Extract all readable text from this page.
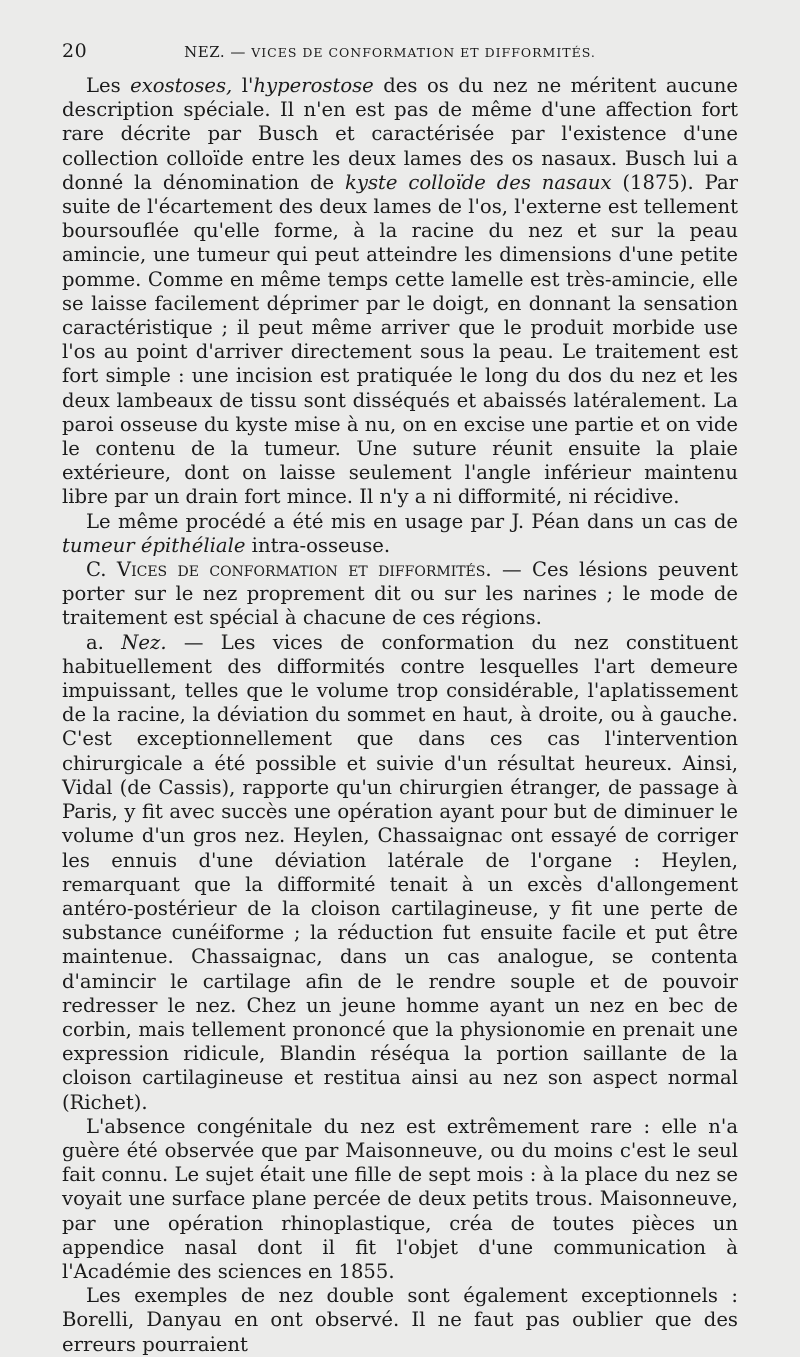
20	NEZ. — VICES DE CONFORMATION ET DIFFORMITÉS.

Les exostoses, l'hyperostose des os du nez ne méritent aucune description spéciale. Il n'en est pas de même d'une affection fort rare décrite par Busch et caractérisée par l'existence d'une collection colloïde entre les deux lames des os nasaux. Busch lui a donné la dénomination de kyste colloïde des nasaux (1875). Par suite de l'écartement des deux lames de l'os, l'externe est tellement boursouflée qu'elle forme, à la racine du nez et sur la peau amincie, une tumeur qui peut atteindre les dimensions d'une petite pomme. Comme en même temps cette lamelle est très-amincie, elle se laisse facilement déprimer par le doigt, en donnant la sensation caractéristique ; il peut même arriver que le produit morbide use l'os au point d'arriver directement sous la peau. Le traitement est fort simple : une incision est pratiquée le long du dos du nez et les deux lambeaux de tissu sont disséqués et abaissés latéralement. La paroi osseuse du kyste mise à nu, on en excise une partie et on vide le contenu de la tumeur. Une suture réunit ensuite la plaie extérieure, dont on laisse seulement l'angle inférieur maintenu libre par un drain fort mince. Il n'y a ni difformité, ni récidive.

Le même procédé a été mis en usage par J. Péan dans un cas de tumeur épithéliale intra-osseuse.

C. Vices de conformation et difformités. — Ces lésions peuvent porter sur le nez proprement dit ou sur les narines ; le mode de traitement est spécial à chacune de ces régions.

a. Nez. — Les vices de conformation du nez constituent habituellement des difformités contre lesquelles l'art demeure impuissant, telles que le volume trop considérable, l'aplatissement de la racine, la déviation du sommet en haut, à droite, ou à gauche. C'est exceptionnellement que dans ces cas l'intervention chirurgicale a été possible et suivie d'un résultat heureux. Ainsi, Vidal (de Cassis), rapporte qu'un chirurgien étranger, de passage à Paris, y fit avec succès une opération ayant pour but de diminuer le volume d'un gros nez. Heylen, Chassaignac ont essayé de corriger les ennuis d'une déviation latérale de l'organe : Heylen, remarquant que la difformité tenait à un excès d'allongement antéro-postérieur de la cloison cartilagineuse, y fit une perte de substance cunéiforme ; la réduction fut ensuite facile et put être maintenue. Chassaignac, dans un cas analogue, se contenta d'amincir le cartilage afin de le rendre souple et de pouvoir redresser le nez. Chez un jeune homme ayant un nez en bec de corbin, mais tellement prononcé que la physionomie en prenait une expression ridicule, Blandin réséqua la portion saillante de la cloison cartilagineuse et restitua ainsi au nez son aspect normal (Richet).

L'absence congénitale du nez est extrêmement rare : elle n'a guère été observée que par Maisonneuve, ou du moins c'est le seul fait connu. Le sujet était une fille de sept mois : à la place du nez se voyait une surface plane percée de deux petits trous. Maisonneuve, par une opération rhinoplastique, créa de toutes pièces un appendice nasal dont il fit l'objet d'une communication à l'Académie des sciences en 1855.

Les exemples de nez double sont également exceptionnels : Borelli, Danyau en ont observé. Il ne faut pas oublier que des erreurs pourraient
